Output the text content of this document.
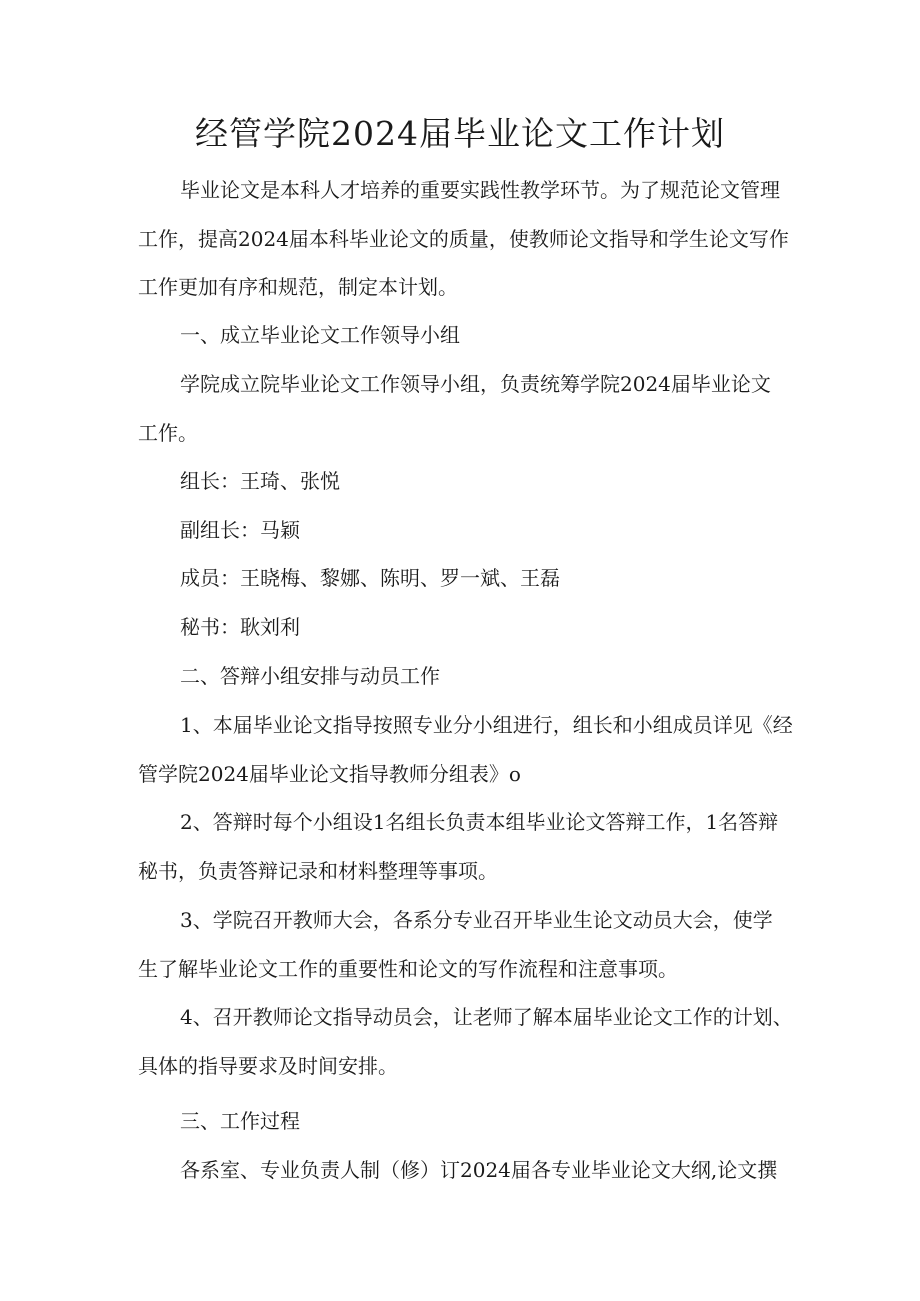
经管学院2024届毕业论文工作计划
毕业论文是本科人才培养的重要实践性教学环节。为了规范论文管理
工作，提高2024届本科毕业论文的质量，使教师论文指导和学生论文写作
工作更加有序和规范，制定本计划。
一、成立毕业论文工作领导小组
学院成立院毕业论文工作领导小组，负责统筹学院2024届毕业论文
工作。
组长：王琦、张悦
副组长：马颖
成员：王晓梅、黎娜、陈明、罗一斌、王磊
秘书：耿刘利
二、答辩小组安排与动员工作
1、本届毕业论文指导按照专业分小组进行，组长和小组成员详见《经
管学院2024届毕业论文指导教师分组表》o
2、答辩时每个小组设1名组长负责本组毕业论文答辩工作，1名答辩
秘书，负责答辩记录和材料整理等事项。
3、学院召开教师大会，各系分专业召开毕业生论文动员大会，使学
生了解毕业论文工作的重要性和论文的写作流程和注意事项。
4、召开教师论文指导动员会，让老师了解本届毕业论文工作的计划、
具体的指导要求及时间安排。
三、工作过程
各系室、专业负责人制（修）订2024届各专业毕业论文大纲,论文撰
